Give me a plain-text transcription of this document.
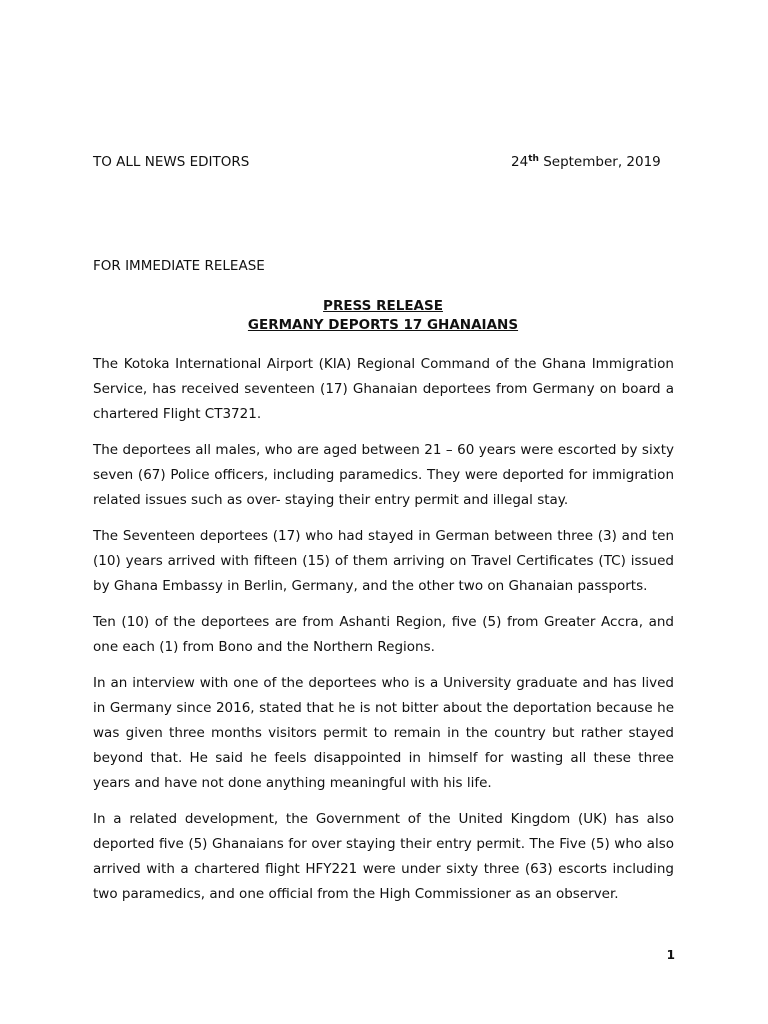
TO ALL NEWS EDITORS	24th September, 2019
FOR IMMEDIATE RELEASE
PRESS RELEASE
GERMANY DEPORTS 17 GHANAIANS

The Kotoka International Airport (KIA) Regional Command of the Ghana Immigration Service, has received seventeen (17) Ghanaian deportees from Germany on board a chartered Flight CT3721.

The deportees all males, who are aged between 21 – 60 years were escorted by sixty seven (67) Police officers, including paramedics. They were deported for immigration related issues such as over- staying their entry permit and illegal stay.

The Seventeen deportees (17) who had stayed in German between three (3) and ten (10) years arrived with fifteen (15) of them arriving on Travel Certificates (TC) issued by Ghana Embassy in Berlin, Germany, and the other two on Ghanaian passports.

Ten (10) of the deportees are from Ashanti Region, five (5) from Greater Accra, and one each (1) from Bono and the Northern Regions.

In an interview with one of the deportees who is a University graduate and has lived in Germany since 2016, stated that he is not bitter about the deportation because he was given three months visitors permit to remain in the country but rather stayed beyond that. He said he feels disappointed in himself for wasting all these three years and have not done anything meaningful with his life.

In a related development, the Government of the United Kingdom (UK) has also deported five (5) Ghanaians for over staying their entry permit. The Five (5) who also arrived with a chartered flight HFY221 were under sixty three (63) escorts including two paramedics, and one official from the High Commissioner as an observer.

1
